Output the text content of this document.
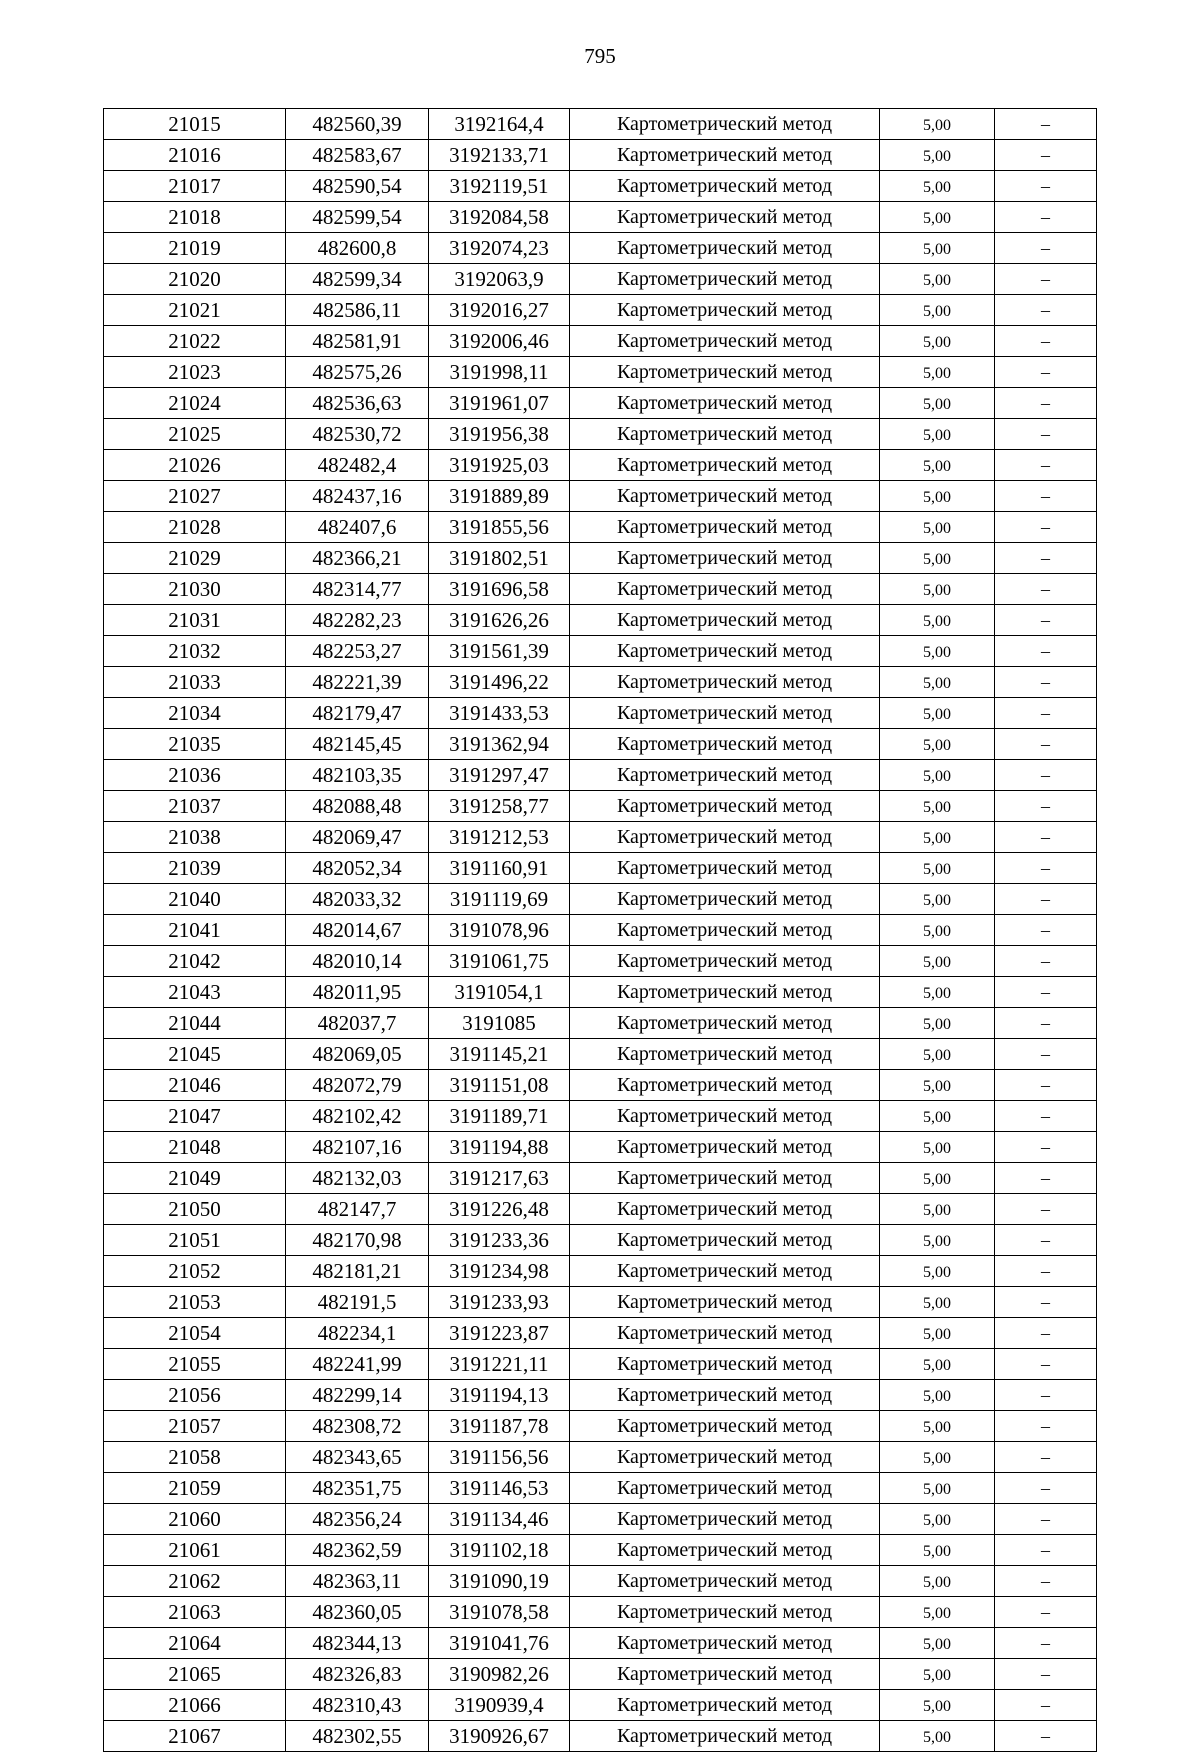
795
21015	482560,39	3192164,4	Картометрический метод	5,00	–
21016	482583,67	3192133,71	Картометрический метод	5,00	–
21017	482590,54	3192119,51	Картометрический метод	5,00	–
21018	482599,54	3192084,58	Картометрический метод	5,00	–
21019	482600,8	3192074,23	Картометрический метод	5,00	–
21020	482599,34	3192063,9	Картометрический метод	5,00	–
21021	482586,11	3192016,27	Картометрический метод	5,00	–
21022	482581,91	3192006,46	Картометрический метод	5,00	–
21023	482575,26	3191998,11	Картометрический метод	5,00	–
21024	482536,63	3191961,07	Картометрический метод	5,00	–
21025	482530,72	3191956,38	Картометрический метод	5,00	–
21026	482482,4	3191925,03	Картометрический метод	5,00	–
21027	482437,16	3191889,89	Картометрический метод	5,00	–
21028	482407,6	3191855,56	Картометрический метод	5,00	–
21029	482366,21	3191802,51	Картометрический метод	5,00	–
21030	482314,77	3191696,58	Картометрический метод	5,00	–
21031	482282,23	3191626,26	Картометрический метод	5,00	–
21032	482253,27	3191561,39	Картометрический метод	5,00	–
21033	482221,39	3191496,22	Картометрический метод	5,00	–
21034	482179,47	3191433,53	Картометрический метод	5,00	–
21035	482145,45	3191362,94	Картометрический метод	5,00	–
21036	482103,35	3191297,47	Картометрический метод	5,00	–
21037	482088,48	3191258,77	Картометрический метод	5,00	–
21038	482069,47	3191212,53	Картометрический метод	5,00	–
21039	482052,34	3191160,91	Картометрический метод	5,00	–
21040	482033,32	3191119,69	Картометрический метод	5,00	–
21041	482014,67	3191078,96	Картометрический метод	5,00	–
21042	482010,14	3191061,75	Картометрический метод	5,00	–
21043	482011,95	3191054,1	Картометрический метод	5,00	–
21044	482037,7	3191085	Картометрический метод	5,00	–
21045	482069,05	3191145,21	Картометрический метод	5,00	–
21046	482072,79	3191151,08	Картометрический метод	5,00	–
21047	482102,42	3191189,71	Картометрический метод	5,00	–
21048	482107,16	3191194,88	Картометрический метод	5,00	–
21049	482132,03	3191217,63	Картометрический метод	5,00	–
21050	482147,7	3191226,48	Картометрический метод	5,00	–
21051	482170,98	3191233,36	Картометрический метод	5,00	–
21052	482181,21	3191234,98	Картометрический метод	5,00	–
21053	482191,5	3191233,93	Картометрический метод	5,00	–
21054	482234,1	3191223,87	Картометрический метод	5,00	–
21055	482241,99	3191221,11	Картометрический метод	5,00	–
21056	482299,14	3191194,13	Картометрический метод	5,00	–
21057	482308,72	3191187,78	Картометрический метод	5,00	–
21058	482343,65	3191156,56	Картометрический метод	5,00	–
21059	482351,75	3191146,53	Картометрический метод	5,00	–
21060	482356,24	3191134,46	Картометрический метод	5,00	–
21061	482362,59	3191102,18	Картометрический метод	5,00	–
21062	482363,11	3191090,19	Картометрический метод	5,00	–
21063	482360,05	3191078,58	Картометрический метод	5,00	–
21064	482344,13	3191041,76	Картометрический метод	5,00	–
21065	482326,83	3190982,26	Картометрический метод	5,00	–
21066	482310,43	3190939,4	Картометрический метод	5,00	–
21067	482302,55	3190926,67	Картометрический метод	5,00	–
